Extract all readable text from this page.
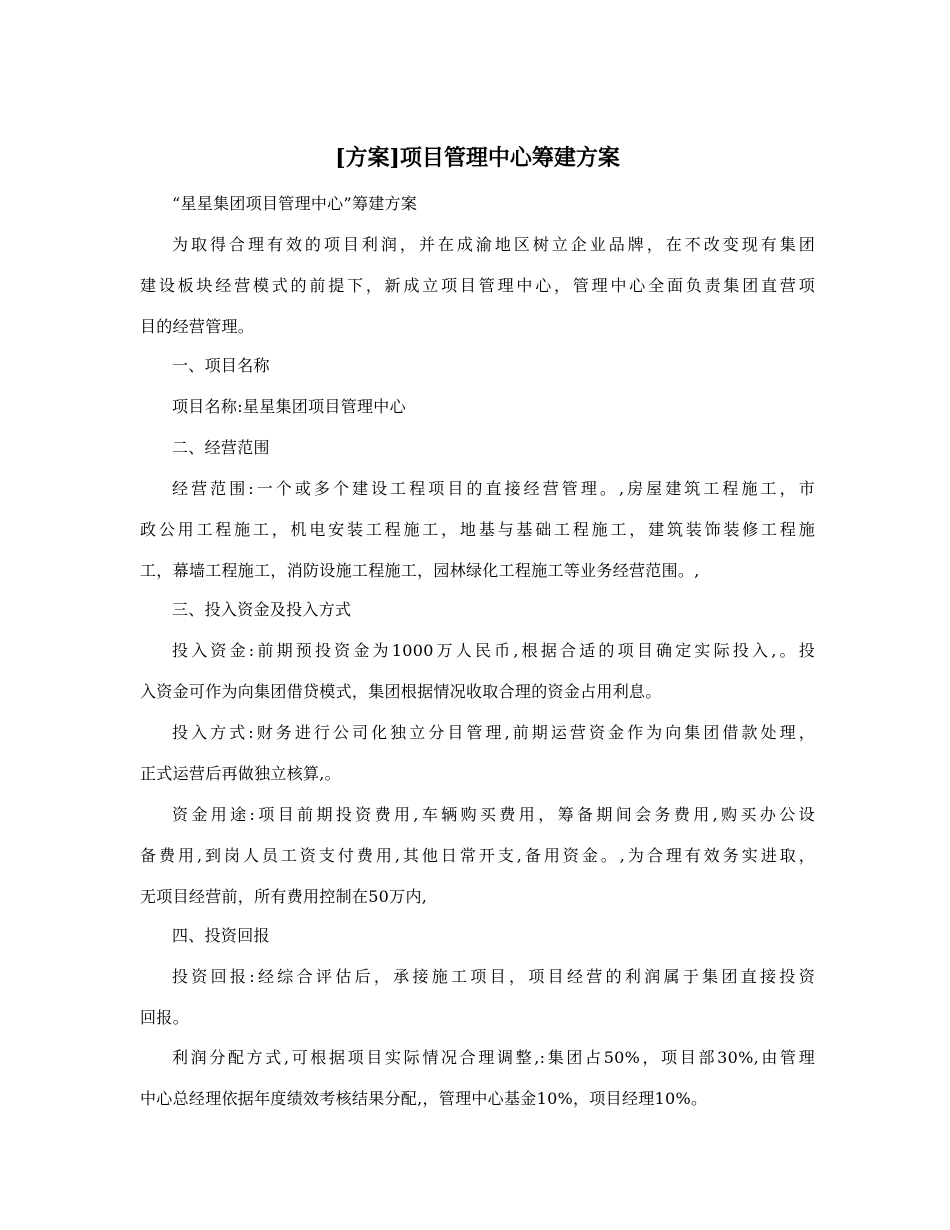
[方案]项目管理中心筹建方案
“星星集团项目管理中心”筹建方案
为取得合理有效的项目利润，并在成渝地区树立企业品牌，在不改变现有集团
建设板块经营模式的前提下，新成立项目管理中心，管理中心全面负责集团直营项
目的经营管理。
一、项目名称
项目名称:星星集团项目管理中心
二、经营范围
经营范围:一个或多个建设工程项目的直接经营管理。,房屋建筑工程施工，市
政公用工程施工，机电安装工程施工，地基与基础工程施工，建筑装饰装修工程施
工，幕墙工程施工，消防设施工程施工，园林绿化工程施工等业务经营范围。,
三、投入资金及投入方式
投入资金:前期预投资金为1000万人民币,根据合适的项目确定实际投入,。投
入资金可作为向集团借贷模式，集团根据情况收取合理的资金占用利息。
投入方式:财务进行公司化独立分目管理,前期运营资金作为向集团借款处理，
正式运营后再做独立核算,。
资金用途:项目前期投资费用,车辆购买费用，筹备期间会务费用,购买办公设
备费用,到岗人员工资支付费用,其他日常开支,备用资金。,为合理有效务实进取，
无项目经营前，所有费用控制在50万内,
四、投资回报
投资回报:经综合评估后，承接施工项目，项目经营的利润属于集团直接投资
回报。
利润分配方式,可根据项目实际情况合理调整,:集团占50%，项目部30%,由管理
中心总经理依据年度绩效考核结果分配,，管理中心基金10%，项目经理10%。
